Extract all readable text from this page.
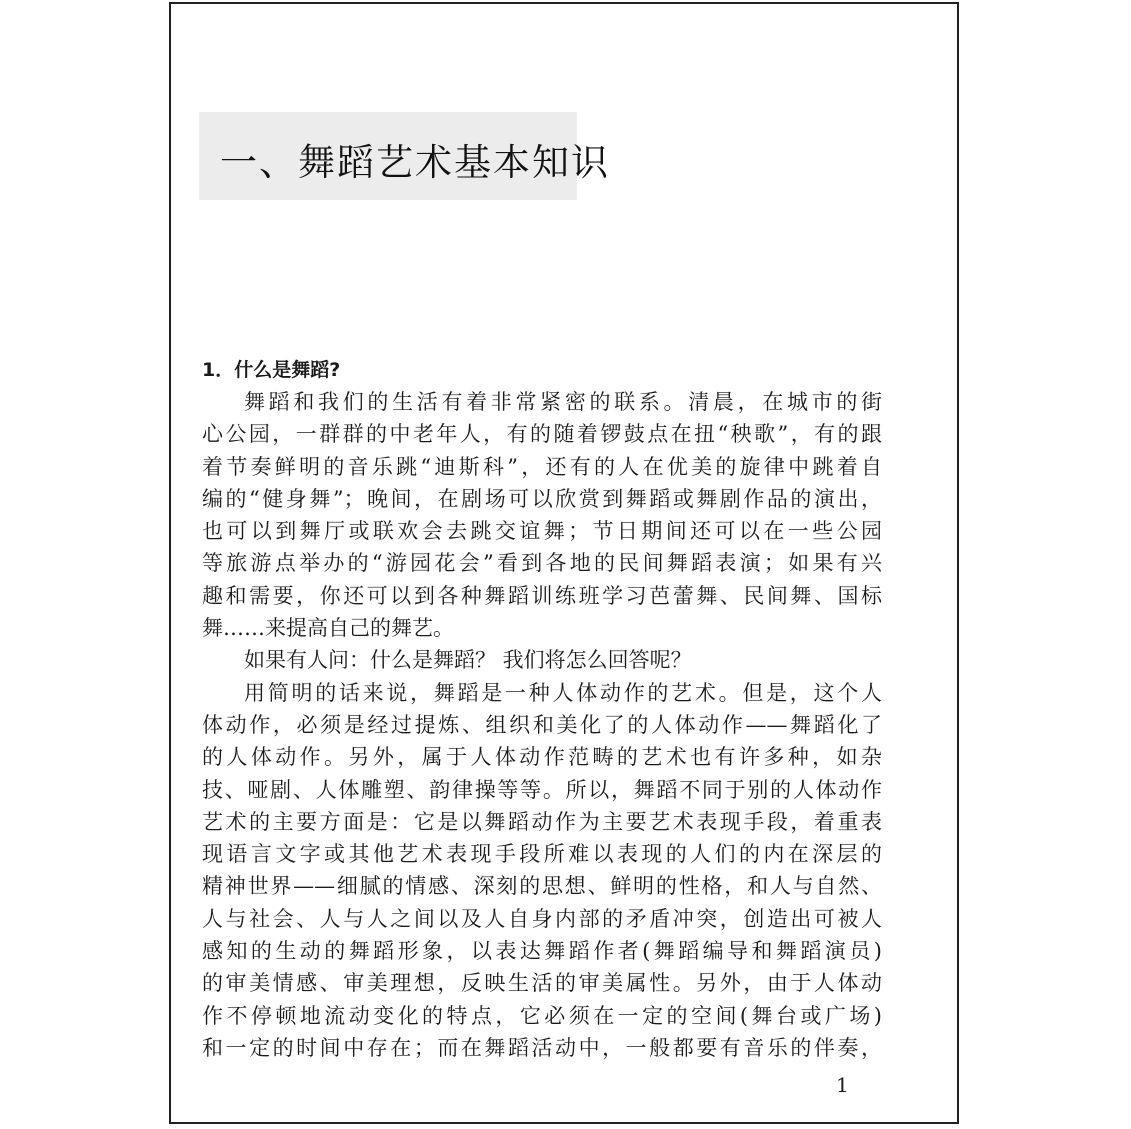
一、舞蹈艺术基本知识
1．什么是舞蹈?
舞蹈和我们的生活有着非常紧密的联系。清晨，在城市的街
心公园，一群群的中老年人，有的随着锣鼓点在扭“秧歌”，有的跟
着节奏鲜明的音乐跳“迪斯科”，还有的人在优美的旋律中跳着自
编的“健身舞”；晚间，在剧场可以欣赏到舞蹈或舞剧作品的演出，
也可以到舞厅或联欢会去跳交谊舞；节日期间还可以在一些公园
等旅游点举办的“游园花会”看到各地的民间舞蹈表演；如果有兴
趣和需要，你还可以到各种舞蹈训练班学习芭蕾舞、民间舞、国标
舞……来提高自己的舞艺。
如果有人问：什么是舞蹈？ 我们将怎么回答呢？
用简明的话来说，舞蹈是一种人体动作的艺术。但是，这个人
体动作，必须是经过提炼、组织和美化了的人体动作——舞蹈化了
的人体动作。另外，属于人体动作范畴的艺术也有许多种，如杂
技、哑剧、人体雕塑、韵律操等等。所以，舞蹈不同于别的人体动作
艺术的主要方面是：它是以舞蹈动作为主要艺术表现手段，着重表
现语言文字或其他艺术表现手段所难以表现的人们的内在深层的
精神世界——细腻的情感、深刻的思想、鲜明的性格，和人与自然、
人与社会、人与人之间以及人自身内部的矛盾冲突，创造出可被人
感知的生动的舞蹈形象，以表达舞蹈作者(舞蹈编导和舞蹈演员)
的审美情感、审美理想，反映生活的审美属性。另外，由于人体动
作不停顿地流动变化的特点，它必须在一定的空间(舞台或广场)
和一定的时间中存在；而在舞蹈活动中，一般都要有音乐的伴奏，

1
